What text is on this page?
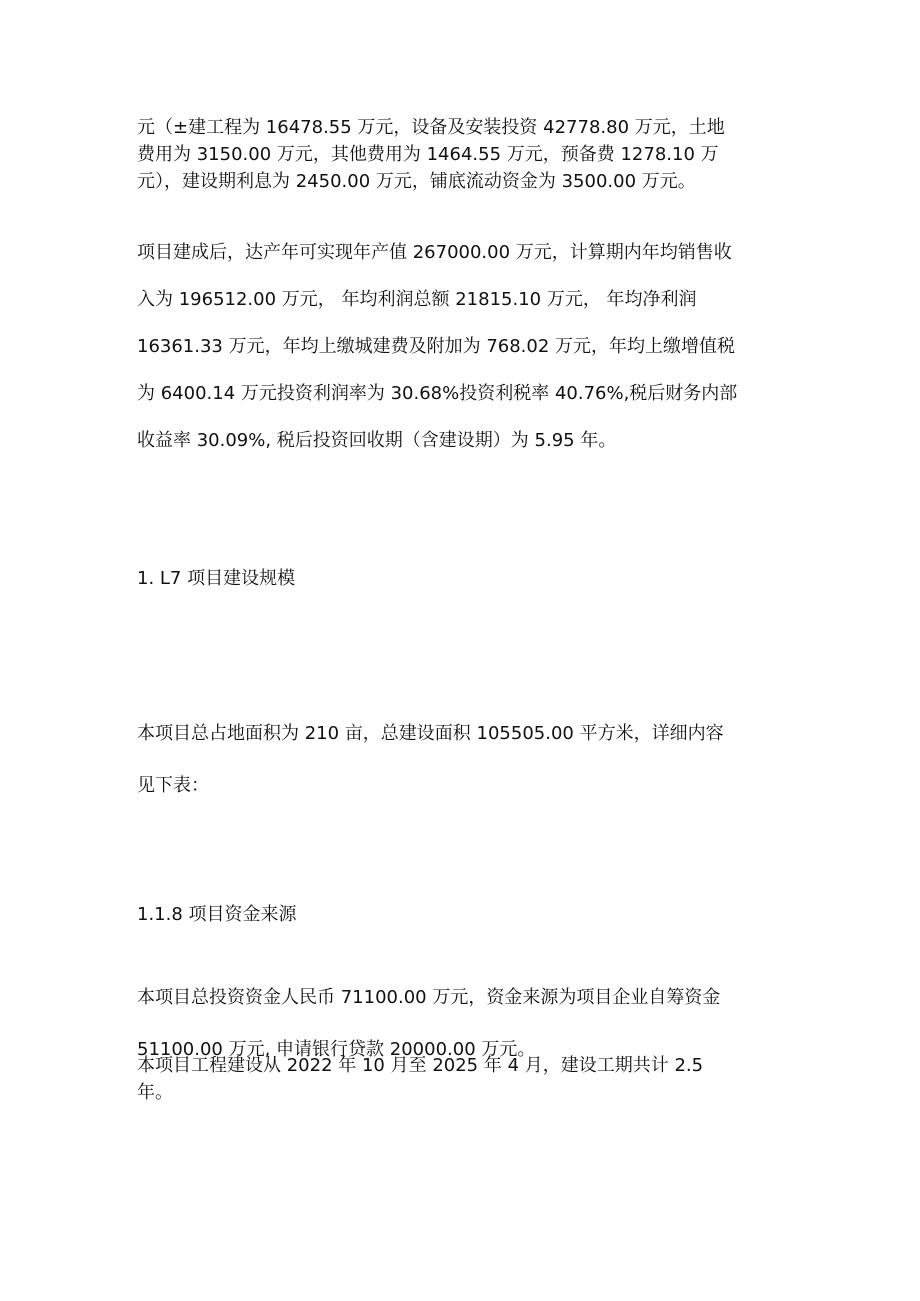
元（±建工程为 16478.55 万元，设备及安装投资 42778.80 万元，土地
费用为 3150.00 万元，其他费用为 1464.55 万元，预备费 1278.10 万
元），建设期利息为 2450.00 万元，铺底流动资金为 3500.00 万元。
项目建成后，达产年可实现年产值 267000.00 万元，计算期内年均销售收
入为 196512.00 万元， 年均利润总额 21815.10 万元， 年均净利润
16361.33 万元，年均上缴城建费及附加为 768.02 万元，年均上缴增值税
为 6400.14 万元投资利润率为 30.68%投资利税率 40.76%,税后财务内部
收益率 30.09%, 税后投资回收期（含建设期）为 5.95 年。
1. L7 项目建设规模
本项目总占地面积为 210 亩，总建设面积 105505.00 平方米，详细内容
见下表：
1.1.8 项目资金来源
本项目总投资资金人民币 71100.00 万元，资金来源为项目企业自筹资金
51100.00 万元, 申请银行贷款 20000.00 万元。
本项目工程建设从 2022 年 10 月至 2025 年 4 月，建设工期共计 2.5
年。
